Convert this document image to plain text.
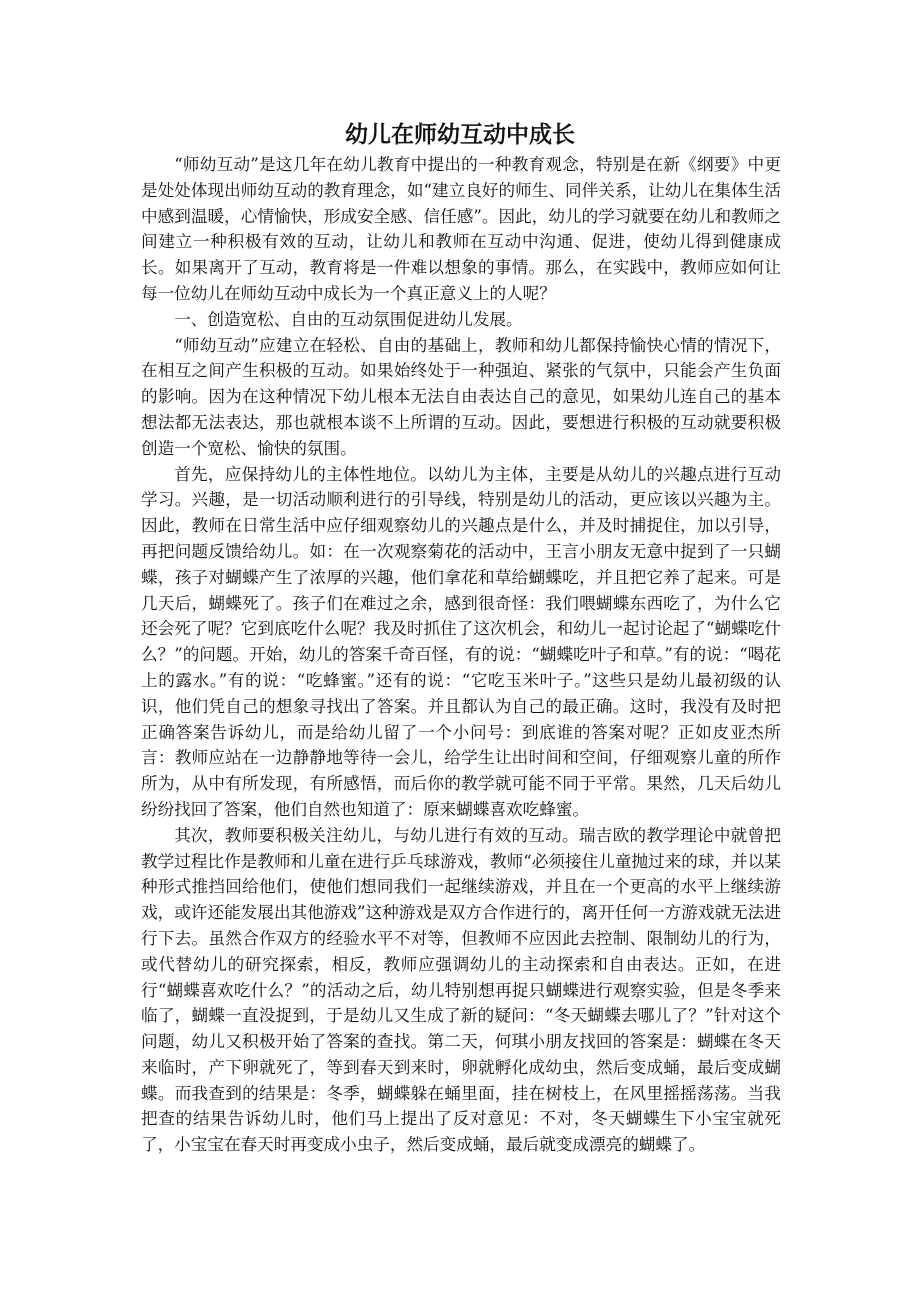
幼儿在师幼互动中成长

“师幼互动”是这几年在幼儿教育中提出的一种教育观念，特别是在新《纲要》中更是处处体现出师幼互动的教育理念，如“建立良好的师生、同伴关系，让幼儿在集体生活中感到温暖，心情愉快，形成安全感、信任感”。因此，幼儿的学习就要在幼儿和教师之间建立一种积极有效的互动，让幼儿和教师在互动中沟通、促进，使幼儿得到健康成长。如果离开了互动，教育将是一件难以想象的事情。那么，在实践中，教师应如何让每一位幼儿在师幼互动中成长为一个真正意义上的人呢？

一、创造宽松、自由的互动氛围促进幼儿发展。

“师幼互动”应建立在轻松、自由的基础上，教师和幼儿都保持愉快心情的情况下，在相互之间产生积极的互动。如果始终处于一种强迫、紧张的气氛中，只能会产生负面的影响。因为在这种情况下幼儿根本无法自由表达自己的意见，如果幼儿连自己的基本想法都无法表达，那也就根本谈不上所谓的互动。因此，要想进行积极的互动就要积极创造一个宽松、愉快的氛围。

首先，应保持幼儿的主体性地位。以幼儿为主体，主要是从幼儿的兴趣点进行互动学习。兴趣，是一切活动顺利进行的引导线，特别是幼儿的活动，更应该以兴趣为主。因此，教师在日常生活中应仔细观察幼儿的兴趣点是什么，并及时捕捉住，加以引导，再把问题反馈给幼儿。如：在一次观察菊花的活动中，王言小朋友无意中捉到了一只蝴蝶，孩子对蝴蝶产生了浓厚的兴趣，他们拿花和草给蝴蝶吃，并且把它养了起来。可是几天后，蝴蝶死了。孩子们在难过之余，感到很奇怪：我们喂蝴蝶东西吃了，为什么它还会死了呢？它到底吃什么呢？我及时抓住了这次机会，和幼儿一起讨论起了“蝴蝶吃什么？”的问题。开始，幼儿的答案千奇百怪，有的说：“蝴蝶吃叶子和草。”有的说：“喝花上的露水。”有的说：“吃蜂蜜。”还有的说：“它吃玉米叶子。”这些只是幼儿最初级的认识，他们凭自己的想象寻找出了答案。并且都认为自己的最正确。这时，我没有及时把正确答案告诉幼儿，而是给幼儿留了一个小问号：到底谁的答案对呢？正如皮亚杰所言：教师应站在一边静静地等待一会儿，给学生让出时间和空间，仔细观察儿童的所作所为，从中有所发现，有所感悟，而后你的教学就可能不同于平常。果然，几天后幼儿纷纷找回了答案，他们自然也知道了：原来蝴蝶喜欢吃蜂蜜。

其次，教师要积极关注幼儿，与幼儿进行有效的互动。瑞吉欧的教学理论中就曾把教学过程比作是教师和儿童在进行乒乓球游戏，教师“必须接住儿童抛过来的球，并以某种形式推挡回给他们，使他们想同我们一起继续游戏，并且在一个更高的水平上继续游戏，或许还能发展出其他游戏”这种游戏是双方合作进行的，离开任何一方游戏就无法进行下去。虽然合作双方的经验水平不对等，但教师不应因此去控制、限制幼儿的行为，或代替幼儿的研究探索，相反，教师应强调幼儿的主动探索和自由表达。正如，在进行“蝴蝶喜欢吃什么？”的活动之后，幼儿特别想再捉只蝴蝶进行观察实验，但是冬季来临了，蝴蝶一直没捉到，于是幼儿又生成了新的疑问：“冬天蝴蝶去哪儿了？”针对这个问题，幼儿又积极开始了答案的查找。第二天，何琪小朋友找回的答案是：蝴蝶在冬天来临时，产下卵就死了，等到春天到来时，卵就孵化成幼虫，然后变成蛹，最后变成蝴蝶。而我查到的结果是：冬季，蝴蝶躲在蛹里面，挂在树枝上，在风里摇摇荡荡。当我把查的结果告诉幼儿时，他们马上提出了反对意见：不对，冬天蝴蝶生下小宝宝就死了，小宝宝在春天时再变成小虫子，然后变成蛹，最后就变成漂亮的蝴蝶了。
